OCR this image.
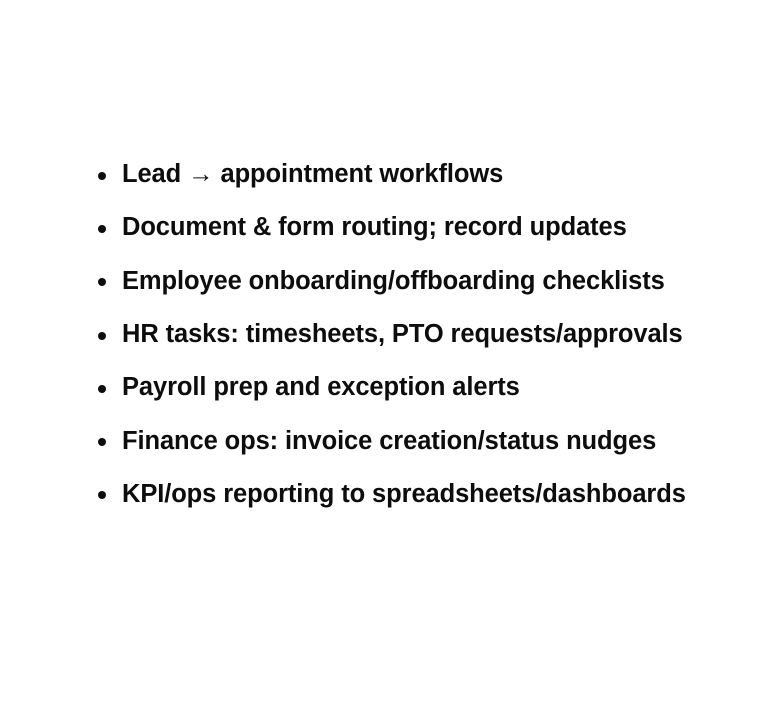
Lead → appointment workflows
Document & form routing; record updates
Employee onboarding/offboarding checklists
HR tasks: timesheets, PTO requests/approvals
Payroll prep and exception alerts
Finance ops: invoice creation/status nudges
KPI/ops reporting to spreadsheets/dashboards
